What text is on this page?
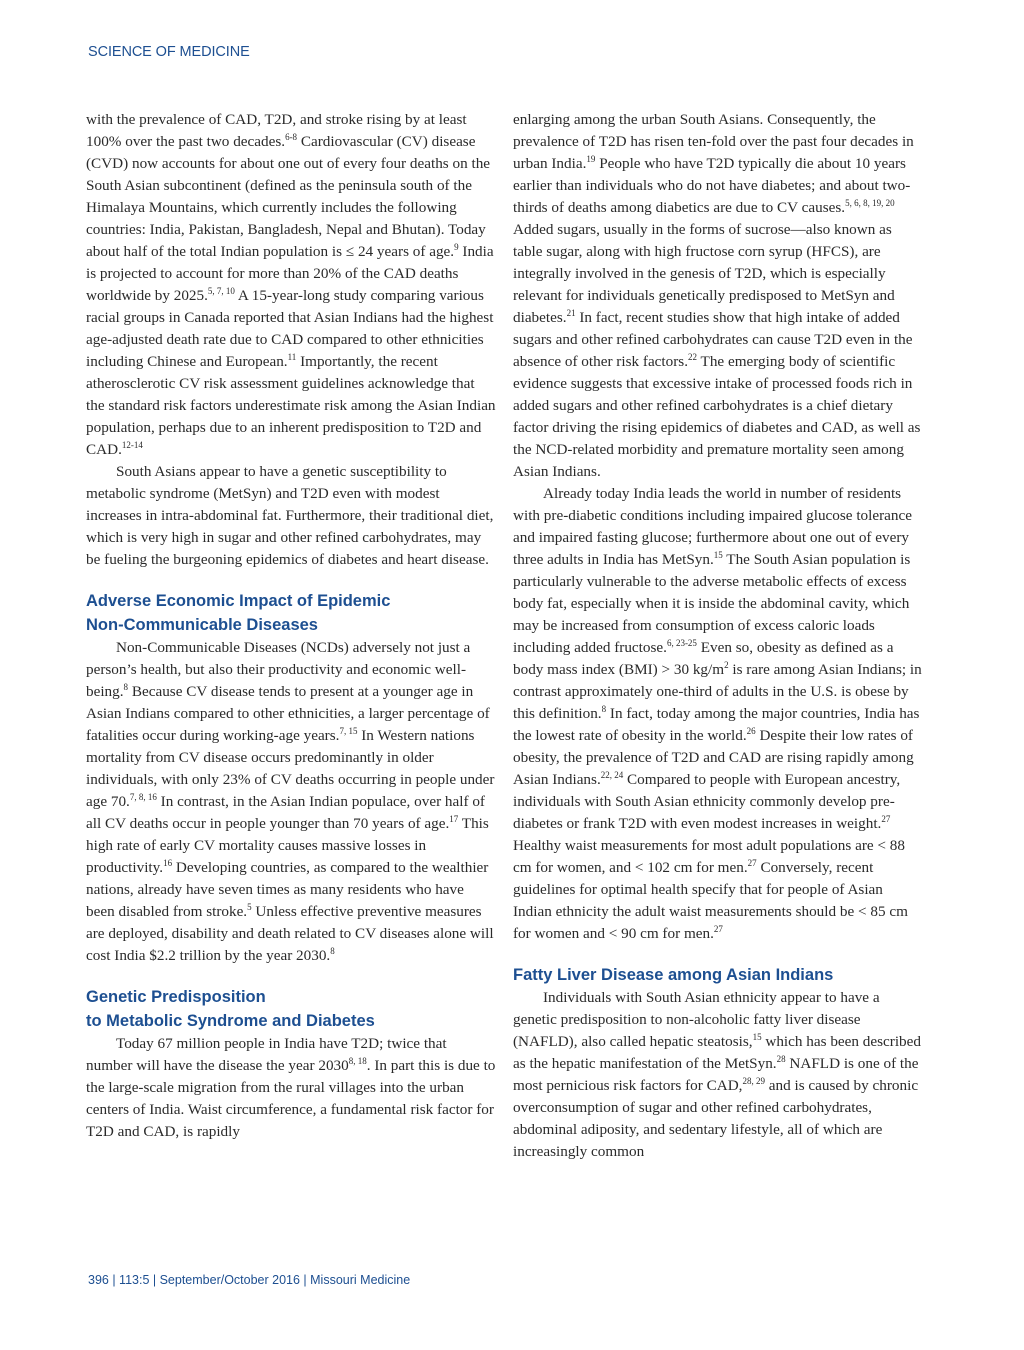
SCIENCE OF MEDICINE

with the prevalence of CAD, T2D, and stroke rising by at least 100% over the past two decades.$^{6-8}$ Cardiovascular (CV) disease (CVD) now accounts for about one out of every four deaths on the South Asian subcontinent (defined as the peninsula south of the Himalaya Mountains, which currently includes the following countries: India, Pakistan, Bangladesh, Nepal and Bhutan). Today about half of the total Indian population is ≤ 24 years of age.$^9$ India is projected to account for more than 20% of the CAD deaths worldwide by 2025.$^{5, 7, 10}$ A 15-year-long study comparing various racial groups in Canada reported that Asian Indians had the highest age-adjusted death rate due to CAD compared to other ethnicities including Chinese and European.$^{11}$ Importantly, the recent atherosclerotic CV risk assessment guidelines acknowledge that the standard risk factors underestimate risk among the Asian Indian population, perhaps due to an inherent predisposition to T2D and CAD.$^{12-14}$

South Asians appear to have a genetic susceptibility to metabolic syndrome (MetSyn) and T2D even with modest increases in intra-abdominal fat. Furthermore, their traditional diet, which is very high in sugar and other refined carbohydrates, may be fueling the burgeoning epidemics of diabetes and heart disease.

Adverse Economic Impact of Epidemic
Non-Communicable Diseases

Non-Communicable Diseases (NCDs) adversely not just a person’s health, but also their productivity and economic well-being.$^8$ Because CV disease tends to present at a younger age in Asian Indians compared to other ethnicities, a larger percentage of fatalities occur during working-age years.$^{7, 15}$ In Western nations mortality from CV disease occurs predominantly in older individuals, with only 23% of CV deaths occurring in people under age 70.$^{7, 8, 16}$ In contrast, in the Asian Indian populace, over half of all CV deaths occur in people younger than 70 years of age.$^{17}$ This high rate of early CV mortality causes massive losses in productivity.$^{16}$ Developing countries, as compared to the wealthier nations, already have seven times as many residents who have been disabled from stroke.$^5$ Unless effective preventive measures are deployed, disability and death related to CV diseases alone will cost India $2.2 trillion by the year 2030.$^8$

Genetic Predisposition
to Metabolic Syndrome and Diabetes

Today 67 million people in India have T2D; twice that number will have the disease the year 2030$^{8, 18}$. In part this is due to the large-scale migration from the rural villages into the urban centers of India. Waist circumference, a fundamental risk factor for T2D and CAD, is rapidly

enlarging among the urban South Asians. Consequently, the prevalence of T2D has risen ten-fold over the past four decades in urban India.$^{19}$ People who have T2D typically die about 10 years earlier than individuals who do not have diabetes; and about two-thirds of deaths among diabetics are due to CV causes.$^{5, 6, 8, 19, 20}$ Added sugars, usually in the forms of sucrose—also known as table sugar, along with high fructose corn syrup (HFCS), are integrally involved in the genesis of T2D, which is especially relevant for individuals genetically predisposed to MetSyn and diabetes.$^{21}$ In fact, recent studies show that high intake of added sugars and other refined carbohydrates can cause T2D even in the absence of other risk factors.$^{22}$ The emerging body of scientific evidence suggests that excessive intake of processed foods rich in added sugars and other refined carbohydrates is a chief dietary factor driving the rising epidemics of diabetes and CAD, as well as the NCD-related morbidity and premature mortality seen among Asian Indians.

Already today India leads the world in number of residents with pre-diabetic conditions including impaired glucose tolerance and impaired fasting glucose; furthermore about one out of every three adults in India has MetSyn.$^{15}$ The South Asian population is particularly vulnerable to the adverse metabolic effects of excess body fat, especially when it is inside the abdominal cavity, which may be increased from consumption of excess caloric loads including added fructose.$^{6, 23-25}$ Even so, obesity as defined as a body mass index (BMI) > 30 $kg/m^2$ is rare among Asian Indians; in contrast approximately one-third of adults in the U.S. is obese by this definition.$^8$ In fact, today among the major countries, India has the lowest rate of obesity in the world.$^{26}$ Despite their low rates of obesity, the prevalence of T2D and CAD are rising rapidly among Asian Indians.$^{22, 24}$ Compared to people with European ancestry, individuals with South Asian ethnicity commonly develop pre-diabetes or frank T2D with even modest increases in weight.$^{27}$ Healthy waist measurements for most adult populations are < 88 cm for women, and < 102 cm for men.$^{27}$ Conversely, recent guidelines for optimal health specify that for people of Asian Indian ethnicity the adult waist measurements should be < 85 cm for women and < 90 cm for men.$^{27}$

Fatty Liver Disease among Asian Indians

Individuals with South Asian ethnicity appear to have a genetic predisposition to non-alcoholic fatty liver disease (NAFLD), also called hepatic steatosis,$^{15}$ which has been described as the hepatic manifestation of the MetSyn.$^{28}$ NAFLD is one of the most pernicious risk factors for CAD,$^{28, 29}$ and is caused by chronic overconsumption of sugar and other refined carbohydrates, abdominal adiposity, and sedentary lifestyle, all of which are increasingly common

396 | 113:5 | September/October 2016 | Missouri Medicine
